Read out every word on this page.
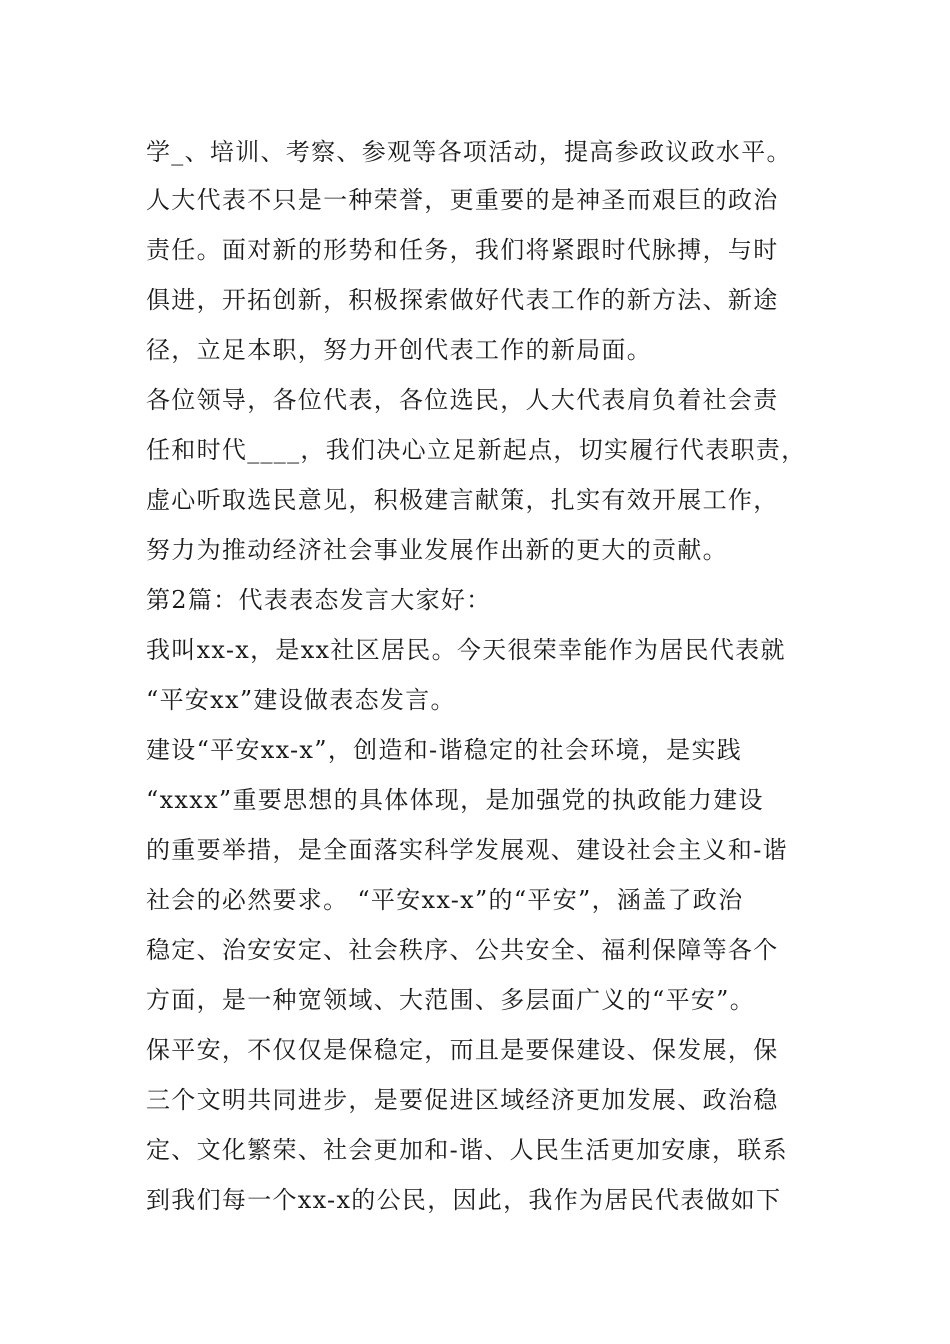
学_、培训、考察、参观等各项活动，提高参政议政水平。
人大代表不只是一种荣誉，更重要的是神圣而艰巨的政治
责任。面对新的形势和任务，我们将紧跟时代脉搏，与时
俱进，开拓创新，积极探索做好代表工作的新方法、新途
径，立足本职，努力开创代表工作的新局面。
各位领导，各位代表，各位选民，人大代表肩负着社会责
任和时代____，我们决心立足新起点，切实履行代表职责，
虚心听取选民意见，积极建言献策，扎实有效开展工作，
努力为推动经济社会事业发展作出新的更大的贡献。
第2篇：代表表态发言大家好：
我叫xx-x，是xx社区居民。今天很荣幸能作为居民代表就
“平安xx”建设做表态发言。
建设“平安xx-x”，创造和-谐稳定的社会环境，是实践
“xxxx”重要思想的具体体现，是加强党的执政能力建设
的重要举措，是全面落实科学发展观、建设社会主义和-谐
社会的必然要求。 “平安xx-x”的“平安”，涵盖了政治
稳定、治安安定、社会秩序、公共安全、福利保障等各个
方面，是一种宽领域、大范围、多层面广义的“平安”。
保平安，不仅仅是保稳定，而且是要保建设、保发展，保
三个文明共同进步，是要促进区域经济更加发展、政治稳
定、文化繁荣、社会更加和-谐、人民生活更加安康，联系
到我们每一个xx-x的公民，因此，我作为居民代表做如下
